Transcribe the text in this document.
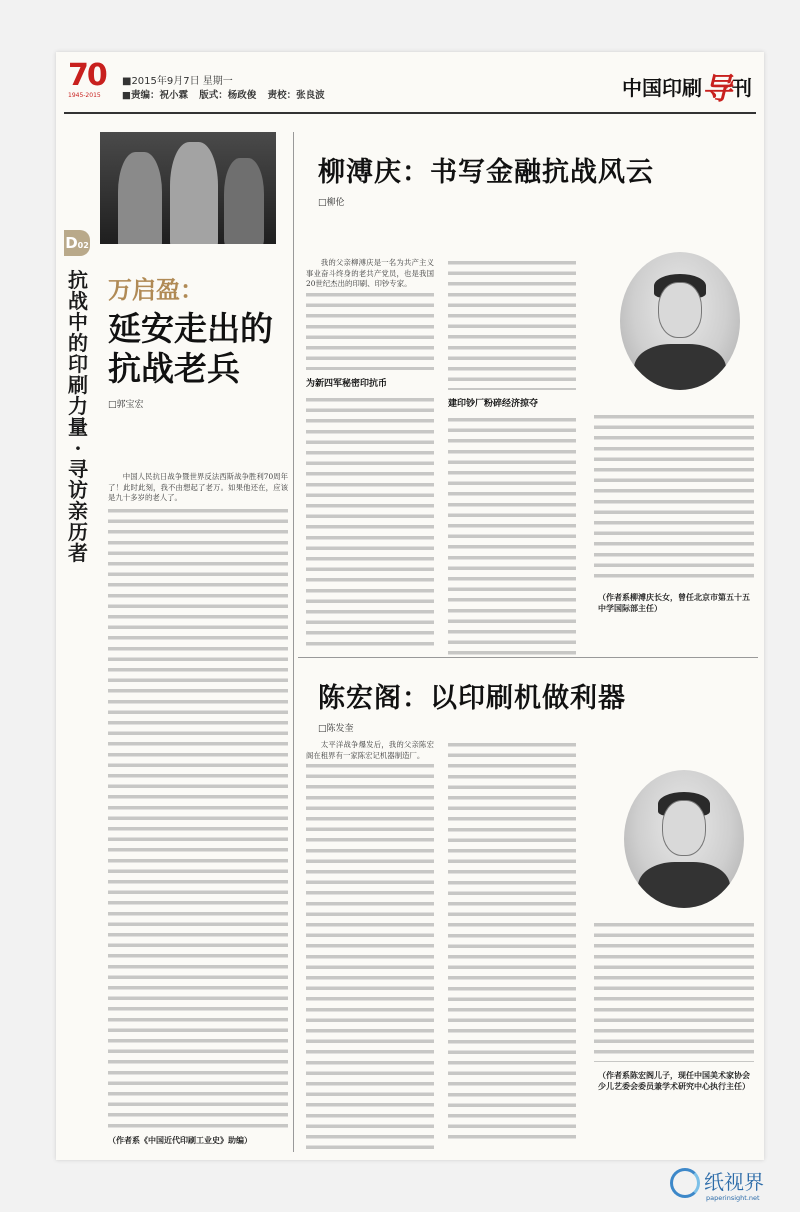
70
1945-2015
■2015年9月7日 星期一
■责编：祝小霖 版式：杨政俊 责校：张良波	中国印刷导刊
D02
抗战中的印刷力量·寻访亲历者
万启盈：
延安走出的抗战老兵
□郭宝宏

中国人民抗日战争暨世界反法西斯战争胜利70周年了！此时此刻，我不由想起了老万。如果他还在，应该是九十多岁的老人了。

（作者系《中国近代印刷工业史》助编）
柳溥庆：书写金融抗战风云
□柳伦

我的父亲柳溥庆是一名为共产主义事业奋斗终身的老共产党员，也是我国20世纪杰出的印刷、印钞专家。

为新四军秘密印抗币
建印钞厂粉碎经济掠夺
（作者系柳溥庆长女，曾任北京市第五十五中学国际部主任）
陈宏阁：以印刷机做利器
□陈发奎

太平洋战争爆发后，我的父亲陈宏阁在租界有一家陈宏记机器制造厂。

（作者系陈宏阁儿子，现任中国美术家协会少儿艺委会委员兼学术研究中心执行主任）
纸视界
paperinsight.net
